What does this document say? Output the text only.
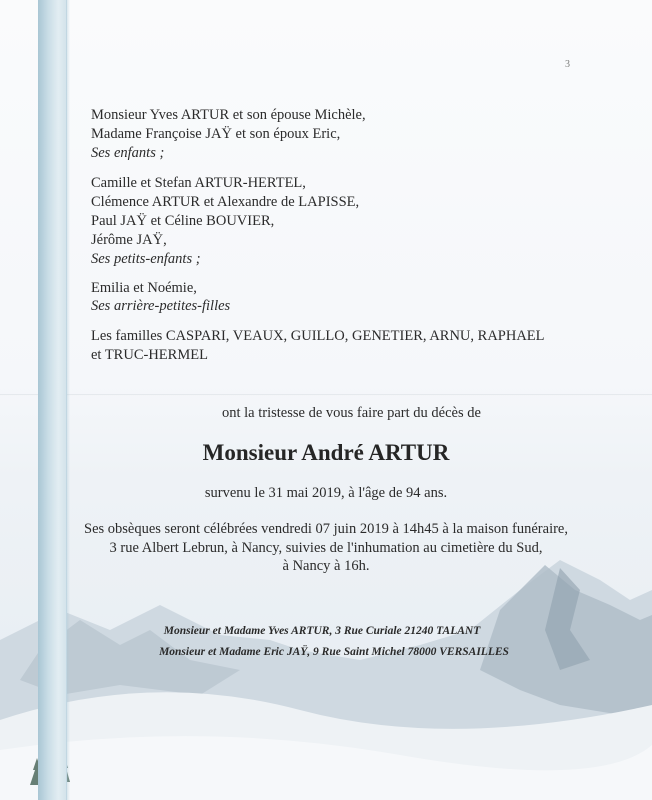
3

Monsieur Yves ARTUR et son épouse Michèle,

Madame Françoise JAŸ et son époux Eric,

Ses enfants ;

Camille et Stefan ARTUR-HERTEL,

Clémence ARTUR et Alexandre de LAPISSE,

Paul JAŸ et Céline BOUVIER,

Jérôme JAŸ,

Ses petits-enfants ;

Emilia et Noémie,

Ses arrière-petites-filles

Les familles CASPARI, VEAUX, GUILLO, GENETIER, ARNU, RAPHAEL

et TRUC-HERMEL

ont la tristesse de vous faire part du décès de

Monsieur André ARTUR

survenu le 31 mai 2019, à l'âge de 94 ans.

Ses obsèques seront célébrées vendredi 07 juin 2019 à 14h45 à la maison funéraire,

3 rue Albert Lebrun, à Nancy, suivies de l'inhumation au cimetière du Sud,

à Nancy à 16h.

Monsieur et Madame Yves ARTUR, 3 Rue Curiale 21240 TALANT

Monsieur et Madame Eric JAŸ, 9 Rue Saint Michel 78000 VERSAILLES
